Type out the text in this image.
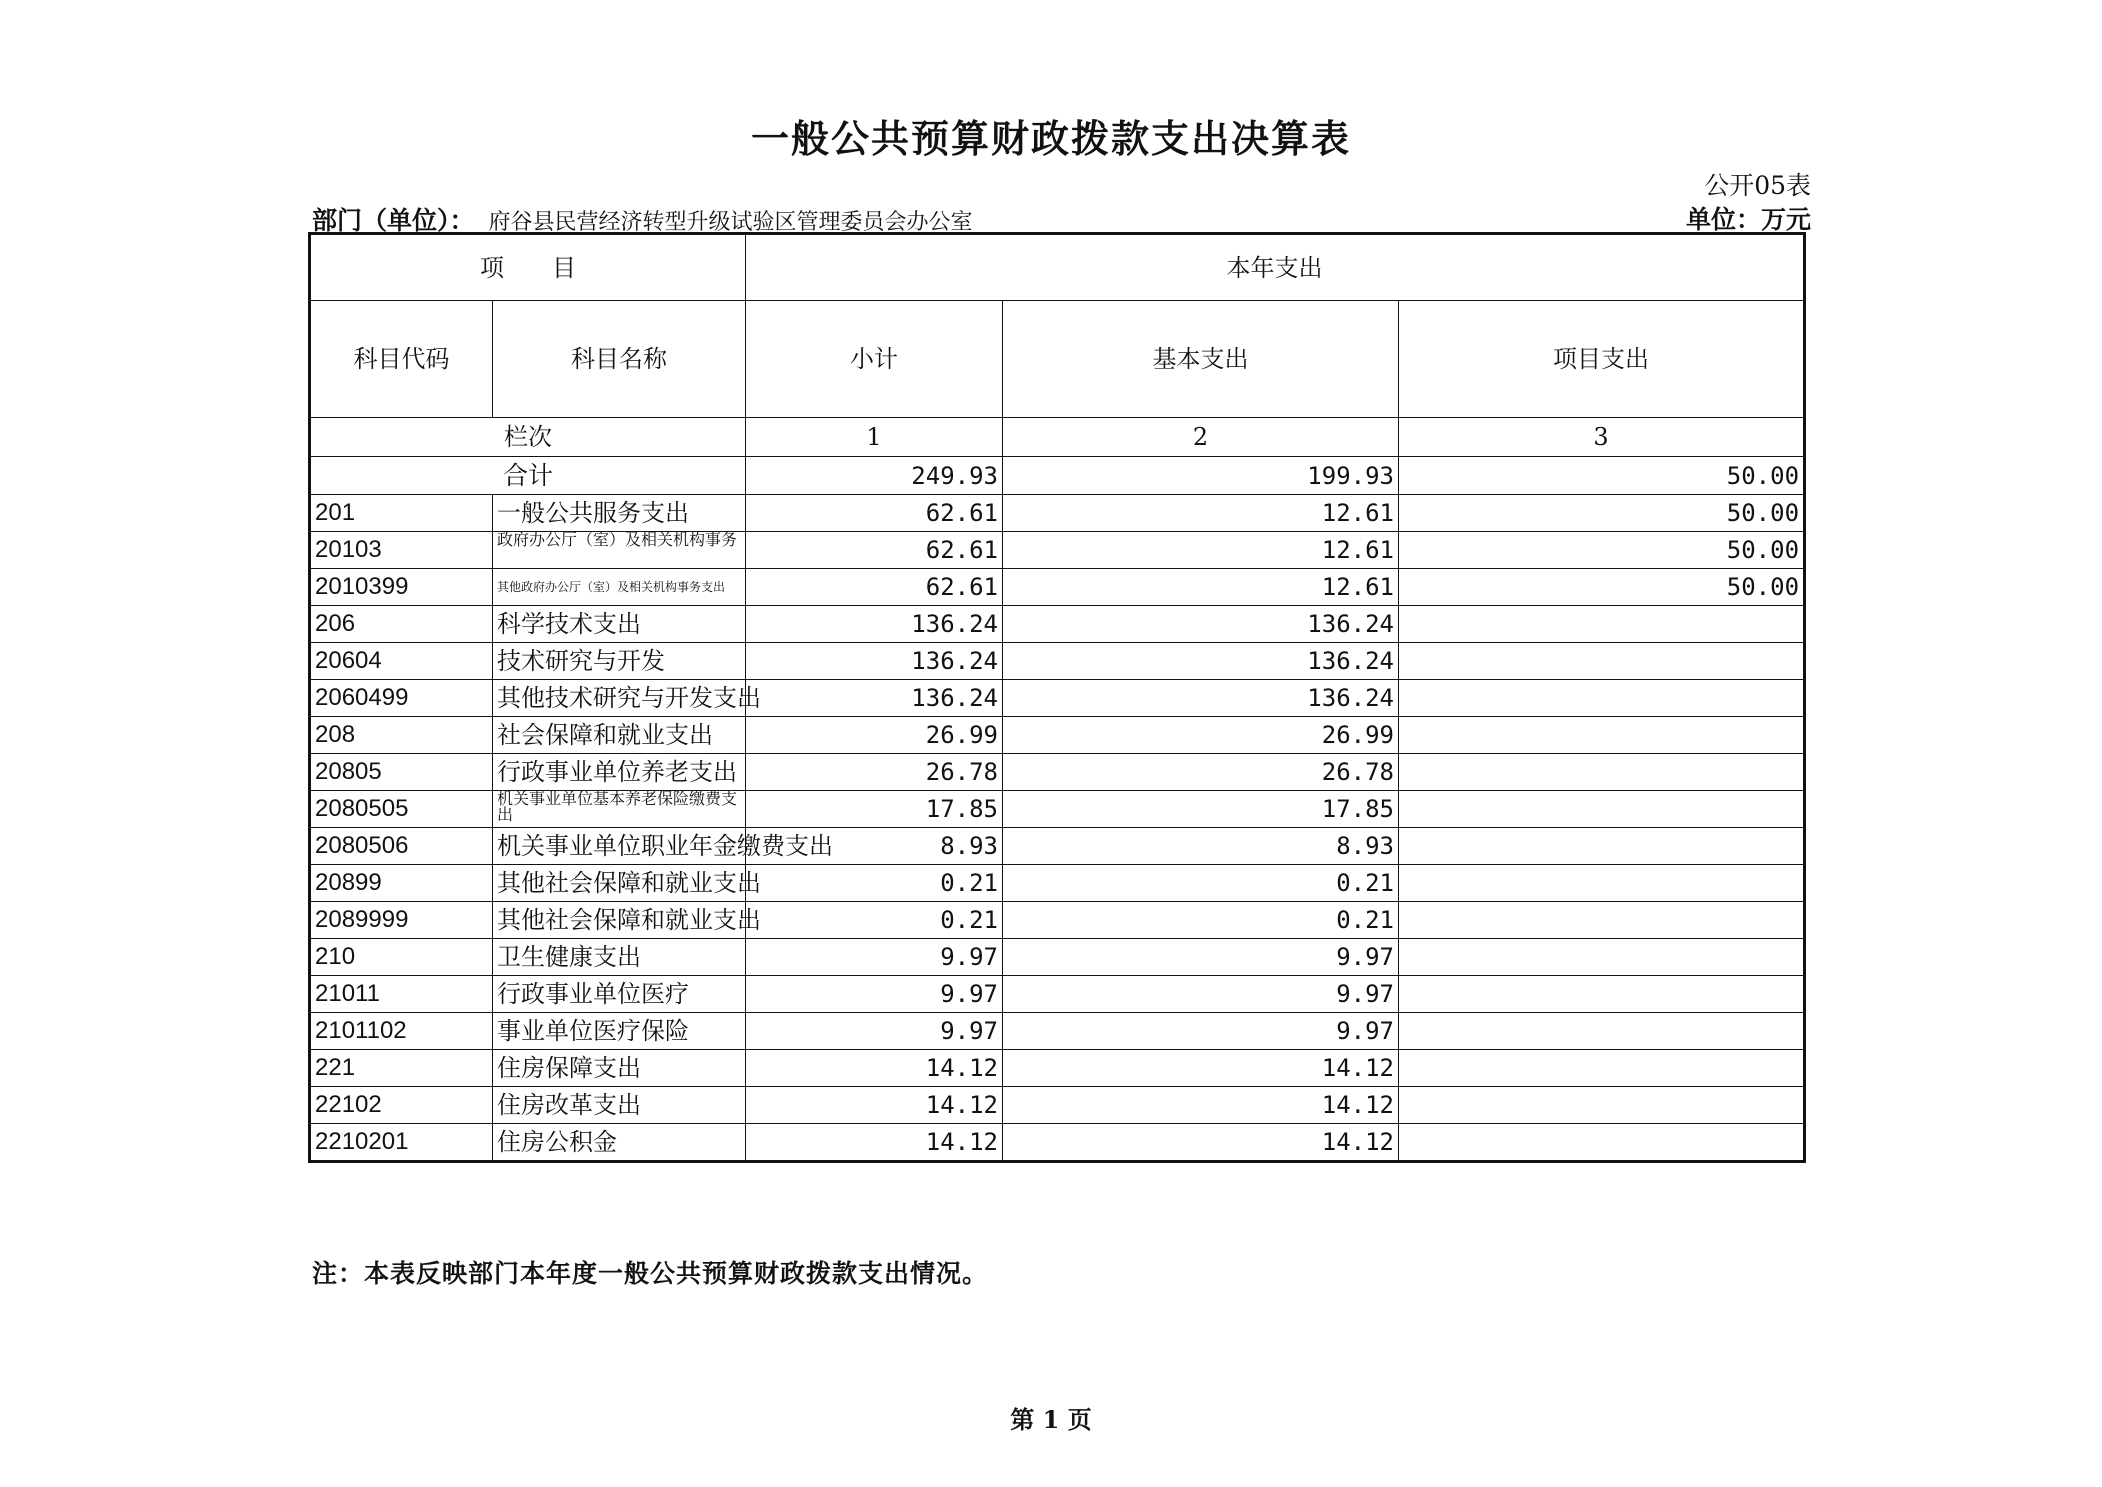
一般公共预算财政拨款支出决算表
公开05表
部门（单位）： 府谷县民营经济转型升级试验区管理委员会办公室	单位：万元
项　　目		本年支出		
科目代码	科目名称	小计	基本支出	项目支出
栏次		1	2	3
合计		249.93	199.93	50.00
201	一般公共服务支出	62.61	12.61	50.00
20103	政府办公厅（室）及相关机构事务	62.61	12.61	50.00
2010399	其他政府办公厅（室）及相关机构事务支出	62.61	12.61	50.00
206	科学技术支出	136.24	136.24	
20604	技术研究与开发	136.24	136.24	
2060499	其他技术研究与开发支出	136.24	136.24	
208	社会保障和就业支出	26.99	26.99	
20805	行政事业单位养老支出	26.78	26.78	
2080505	机关事业单位基本养老保险缴费支出	17.85	17.85	
2080506	机关事业单位职业年金缴费支出	8.93	8.93	
20899	其他社会保障和就业支出	0.21	0.21	
2089999	其他社会保障和就业支出	0.21	0.21	
210	卫生健康支出	9.97	9.97	
21011	行政事业单位医疗	9.97	9.97	
2101102	事业单位医疗保险	9.97	9.97	
221	住房保障支出	14.12	14.12	
22102	住房改革支出	14.12	14.12	
2210201	住房公积金	14.12	14.12	
注：本表反映部门本年度一般公共预算财政拨款支出情况。
第 1 页
